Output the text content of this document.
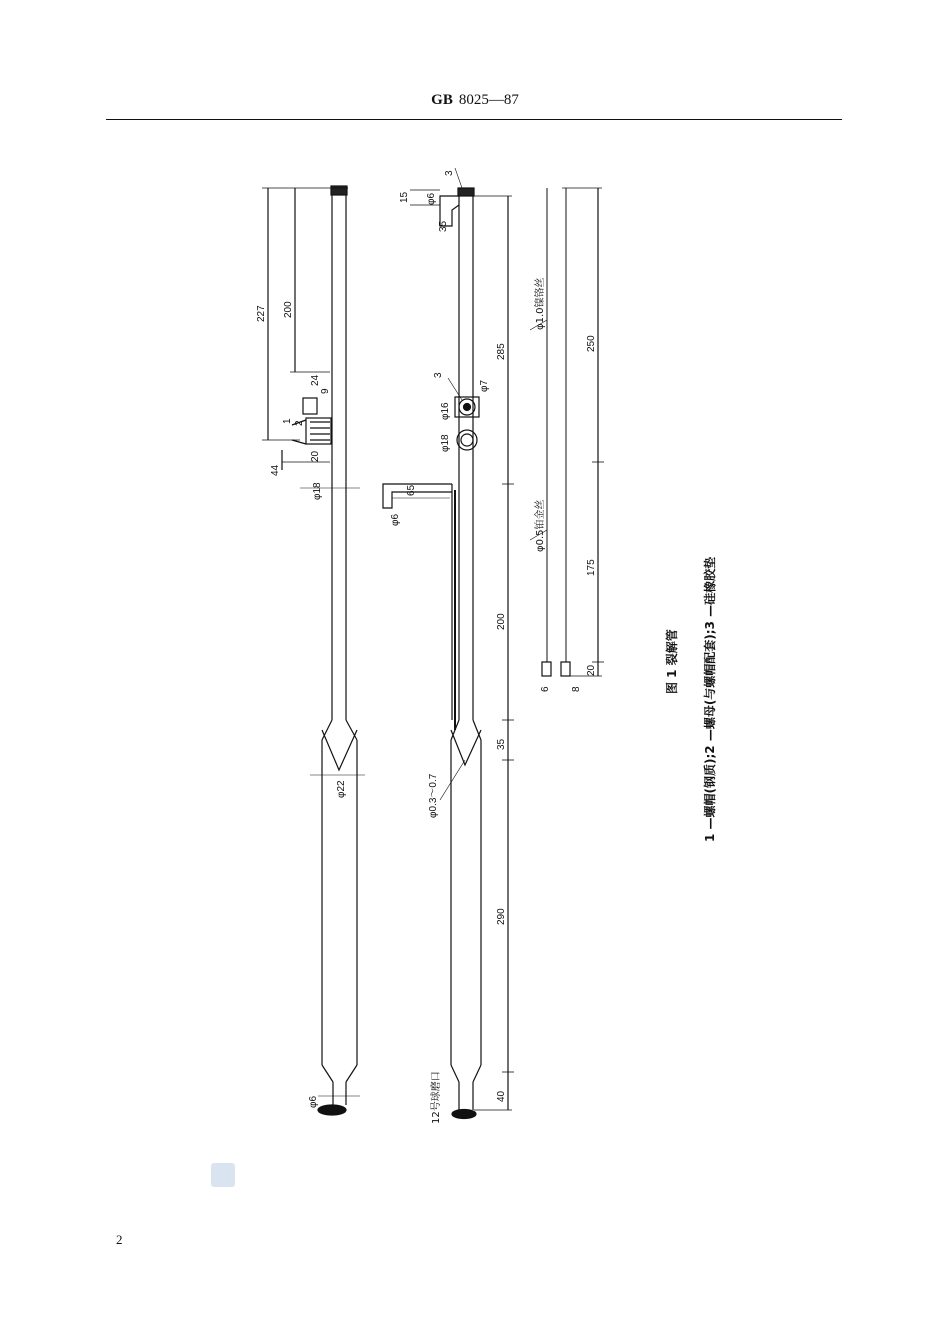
GB 8025—87
227 200
24
9
1 2
20
44
φ18
φ22
φ6
15 φ6
35
3
285
3
φ7
φ16
φ18
65
φ6
200
35
φ0.3～0.7
290
40
12号球磨口
φ1.0镍铬丝
250
φ0.5铂金丝
175
20
6 8	图 1 裂解管 1 —螺帽(钢质);2 —螺母(与螺帽配套);3 —硅橡胶垫
2
